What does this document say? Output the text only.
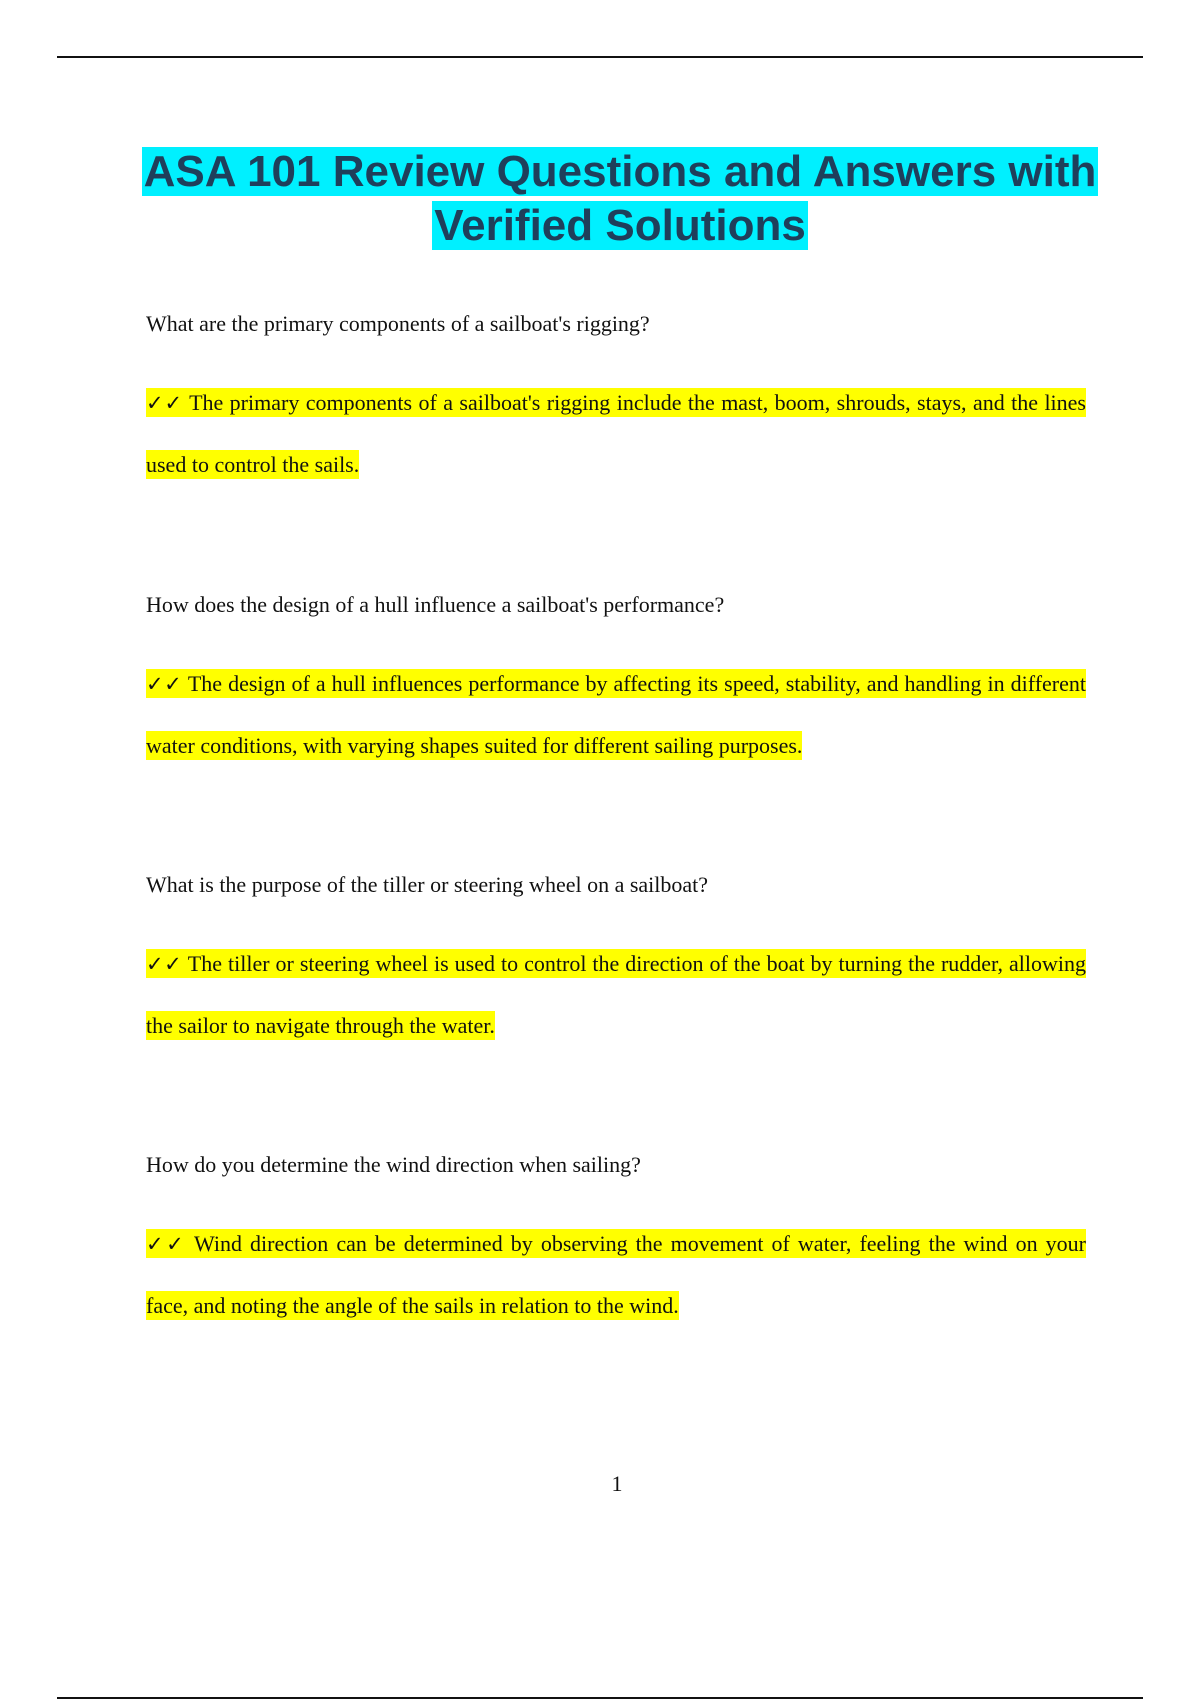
ASA 101 Review Questions and Answers with Verified Solutions

What are the primary components of a sailboat's rigging?

✓✓ The primary components of a sailboat's rigging include the mast, boom, shrouds, stays, and the lines used to control the sails.

How does the design of a hull influence a sailboat's performance?

✓✓ The design of a hull influences performance by affecting its speed, stability, and handling in different water conditions, with varying shapes suited for different sailing purposes.

What is the purpose of the tiller or steering wheel on a sailboat?

✓✓ The tiller or steering wheel is used to control the direction of the boat by turning the rudder, allowing the sailor to navigate through the water.

How do you determine the wind direction when sailing?

✓✓ Wind direction can be determined by observing the movement of water, feeling the wind on your face, and noting the angle of the sails in relation to the wind.

1
